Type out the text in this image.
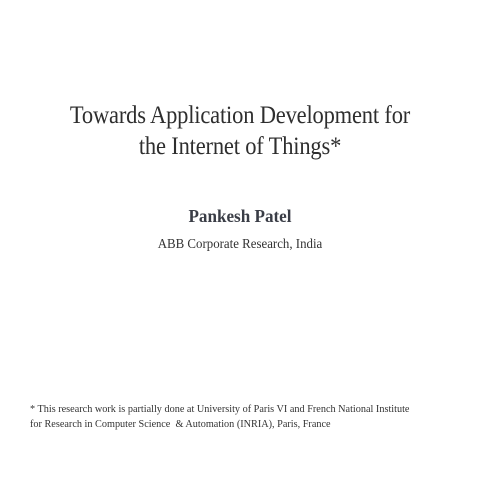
Towards Application Development for
the Internet of Things*
Pankesh Patel
ABB Corporate Research, India
* This research work is partially done at University of Paris VI and French National Institute
for Research in Computer Science  & Automation (INRIA), Paris, France
